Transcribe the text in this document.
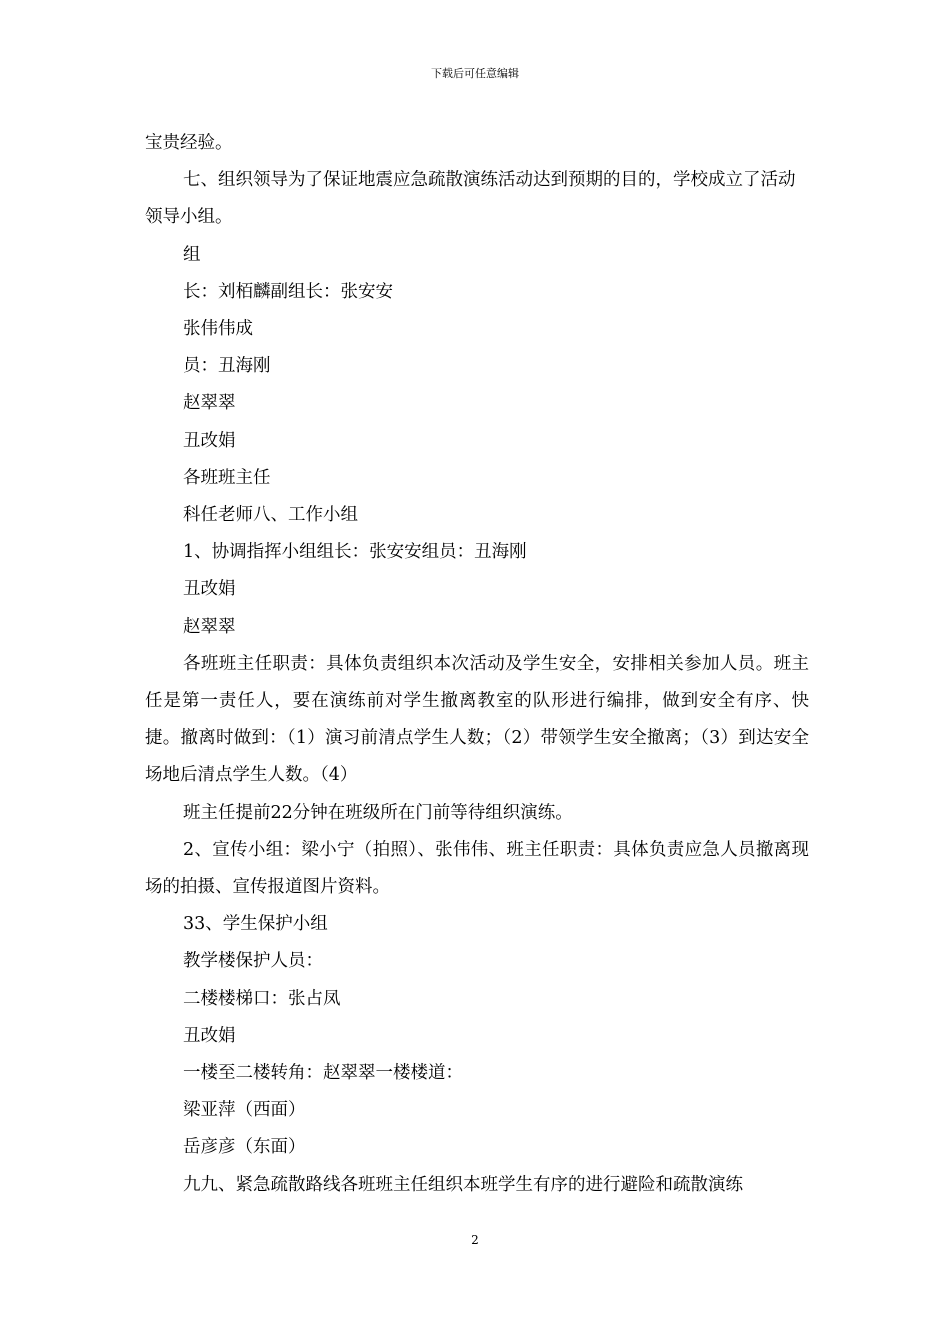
下载后可任意编辑

宝贵经验。

七、组织领导为了保证地震应急疏散演练活动达到预期的目的，学校成立了活动领导小组。

组

长：刘栢麟副组长：张安安

张伟伟成

员：丑海刚

赵翠翠

丑改娟

各班班主任

科任老师八、工作小组

1、协调指挥小组组长：张安安组员：丑海刚

丑改娟

赵翠翠

各班班主任职责：具体负责组织本次活动及学生安全，安排相关参加人员。班主任是第一责任人，要在演练前对学生撤离教室的队形进行编排，做到安全有序、快捷。撤离时做到：（1）演习前清点学生人数；（2）带领学生安全撤离；（3）到达安全场地后清点学生人数。（4）

班主任提前22分钟在班级所在门前等待组织演练。

2、宣传小组：梁小宁（拍照）、张伟伟、班主任职责：具体负责应急人员撤离现场的拍摄、宣传报道图片资料。

33、学生保护小组

教学楼保护人员：

二楼楼梯口：张占凤

丑改娟

一楼至二楼转角：赵翠翠一楼楼道：

梁亚萍（西面）

岳彦彦（东面）

九九、紧急疏散路线各班班主任组织本班学生有序的进行避险和疏散演练

2
